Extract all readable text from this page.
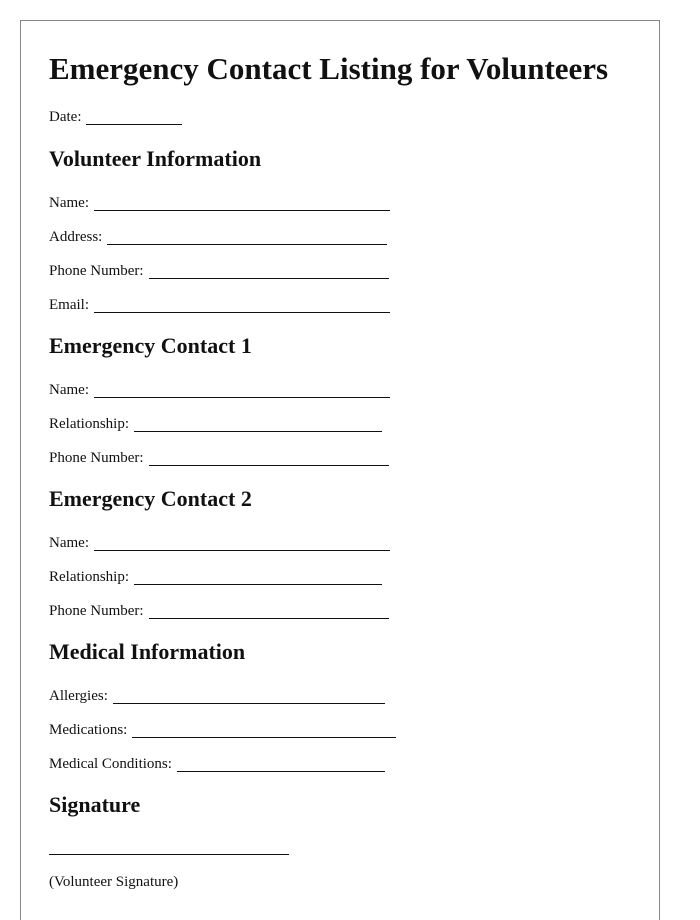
Emergency Contact Listing for Volunteers
Date:
Volunteer Information
Name:
Address:
Phone Number:
Email:
Emergency Contact 1
Name:
Relationship:
Phone Number:
Emergency Contact 2
Name:
Relationship:
Phone Number:
Medical Information
Allergies:
Medications:
Medical Conditions:
Signature
(Volunteer Signature)
